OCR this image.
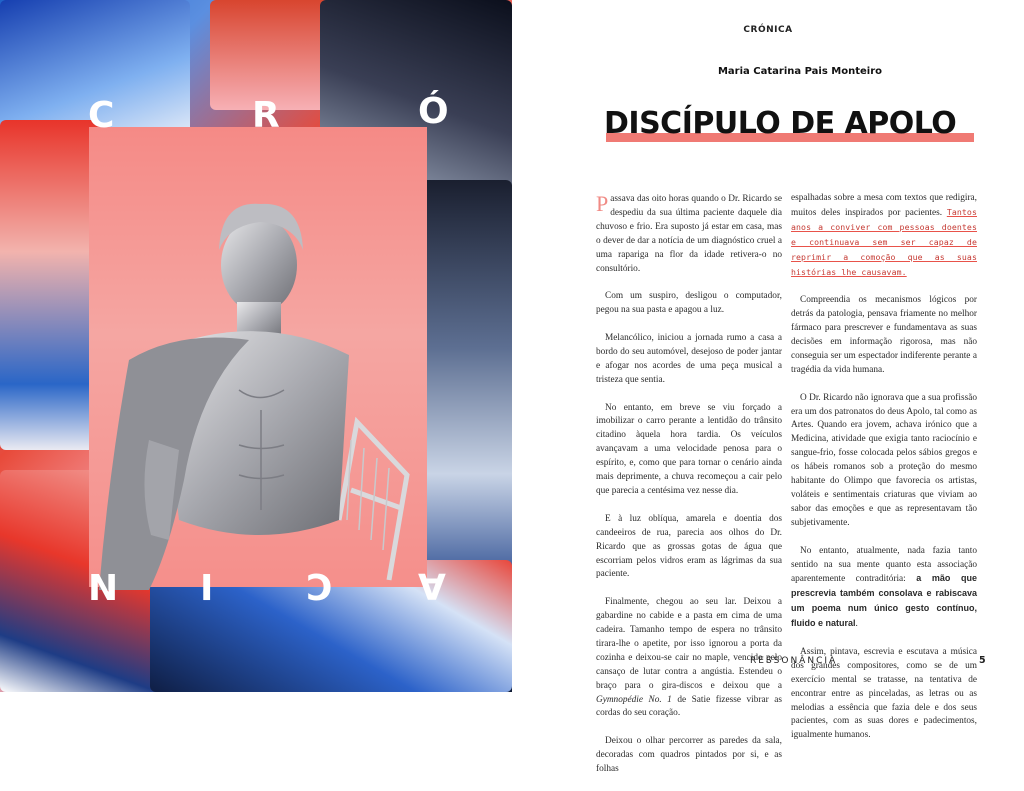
C	R	Ó
N I	C A
CRÓNICA
Maria Catarina Pais Monteiro
DISCÍPULO DE APOLO

Passava das oito horas quando o Dr. Ricardo se despediu da sua última paciente daquele dia chuvoso e frio. Era suposto já estar em casa, mas o dever de dar a notícia de um diagnóstico cruel a uma rapariga na flor da idade retivera-o no consultório.

Com um suspiro, desligou o computador, pegou na sua pasta e apagou a luz.

Melancólico, iniciou a jornada rumo a casa a bordo do seu automóvel, desejoso de poder jantar e afogar nos acordes de uma peça musical a tristeza que sentia.

No entanto, em breve se viu forçado a imobilizar o carro perante a lentidão do trânsito citadino àquela hora tardia. Os veículos avançavam a uma velocidade penosa para o espírito, e, como que para tornar o cenário ainda mais deprimente, a chuva recomeçou a cair pelo que parecia a centésima vez nesse dia.

E à luz oblíqua, amarela e doentia dos candeeiros de rua, parecia aos olhos do Dr. Ricardo que as grossas gotas de água que escorriam pelos vidros eram as lágrimas da sua paciente.

Finalmente, chegou ao seu lar. Deixou a gabardine no cabide e a pasta em cima de uma cadeira. Tamanho tempo de espera no trânsito tirara-lhe o apetite, por isso ignorou a porta da cozinha e deixou-se cair no maple, vencido pelo cansaço de lutar contra a angústia. Estendeu o braço para o gira-discos e deixou que a Gymnopédie No. 1 de Satie fizesse vibrar as cordas do seu coração.

Deixou o olhar percorrer as paredes da sala, decoradas com quadros pintados por si, e as folhas

espalhadas sobre a mesa com textos que redigira, muitos deles inspirados por pacientes. Tantos anos a conviver com pessoas doentes e continuava sem ser capaz de reprimir a comoção que as suas histórias lhe causavam.

Compreendia os mecanismos lógicos por detrás da patologia, pensava friamente no melhor fármaco para prescrever e fundamentava as suas decisões em informação rigorosa, mas não conseguia ser um espectador indiferente perante a tragédia da vida humana.

O Dr. Ricardo não ignorava que a sua profissão era um dos patronatos do deus Apolo, tal como as Artes. Quando era jovem, achava irónico que a Medicina, atividade que exigia tanto raciocínio e sangue-frio, fosse colocada pelos sábios gregos e os hábeis romanos sob a proteção do mesmo habitante do Olimpo que favorecia os artistas, voláteis e sentimentais criaturas que viviam ao sabor das emoções e que as representavam tão subjetivamente.

No entanto, atualmente, nada fazia tanto sentido na sua mente quanto esta associação aparentemente contraditória: a mão que prescrevia também consolava e rabiscava um poema num único gesto contínuo, fluido e natural.

Assim, pintava, escrevia e escutava a música dos grandes compositores, como se de um exercício mental se tratasse, na tentativa de encontrar entre as pinceladas, as letras ou as melodias a essência que fazia dele e dos seus pacientes, com as suas dores e padecimentos, igualmente humanos.

RESSONÂNCIA	5
